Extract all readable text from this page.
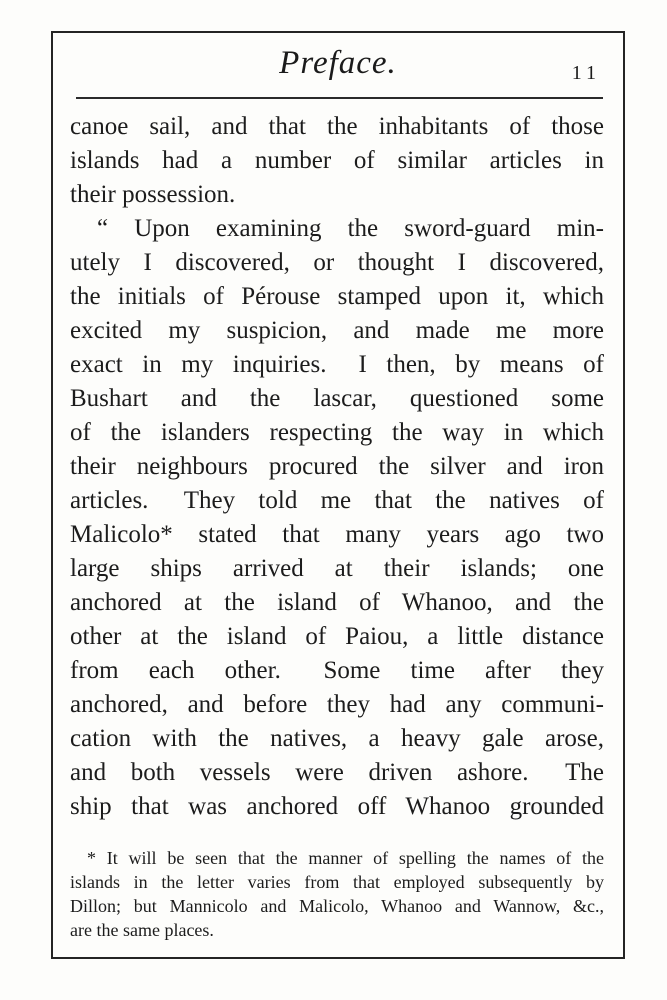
Preface.	11
canoe sail, and that the inhabitants of those
islands had a number of similar articles in
their possession.
“ Upon examining the sword-guard min-
utely I discovered, or thought I discovered,
the initials of Pérouse stamped upon it, which
excited my suspicion, and made me more
exact in my inquiries.  I then, by means of
Bushart and the lascar, questioned some
of the islanders respecting the way in which
their neighbours procured the silver and iron
articles.  They told me that the natives of
Malicolo* stated that many years ago two
large ships arrived at their islands; one
anchored at the island of Whanoo, and the
other at the island of Paiou, a little distance
from each other.  Some time after they
anchored, and before they had any communi-
cation with the natives, a heavy gale arose,
and both vessels were driven ashore.  The
ship that was anchored off Whanoo grounded
* It will be seen that the manner of spelling the names of the
islands in the letter varies from that employed subsequently by
Dillon; but Mannicolo and Malicolo, Whanoo and Wannow, &c.,
are the same places.
